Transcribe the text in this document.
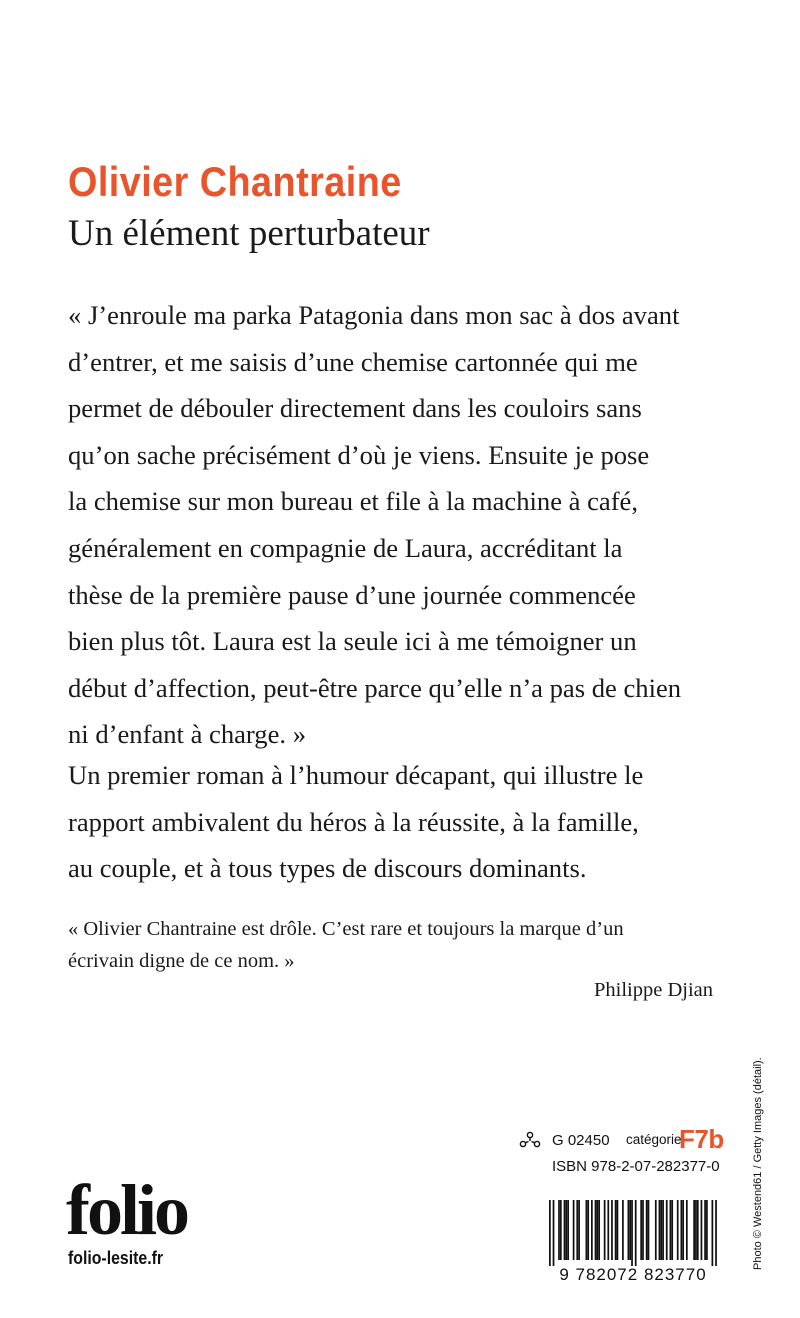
Olivier Chantraine
Un élément perturbateur
« J’enroule ma parka Patagonia dans mon sac à dos avant
d’entrer, et me saisis d’une chemise cartonnée qui me
permet de débouler directement dans les couloirs sans
qu’on sache précisément d’où je viens. Ensuite je pose
la chemise sur mon bureau et file à la machine à café,
généralement en compagnie de Laura, accréditant la
thèse de la première pause d’une journée commencée
bien plus tôt. Laura est la seule ici à me témoigner un
début d’affection, peut-être parce qu’elle n’a pas de chien
ni d’enfant à charge. »
Un premier roman à l’humour décapant, qui illustre le
rapport ambivalent du héros à la réussite, à la famille,
au couple, et à tous types de discours dominants.
« Olivier Chantraine est drôle. C’est rare et toujours la marque d’un
écrivain digne de ce nom. »
Philippe Djian
G 02450 catégorie
F7b
ISBN 978-2-07-282377-0
9 782072 823770
folio
folio-lesite.fr	Photo © Westend61 / Getty Images (détail).
